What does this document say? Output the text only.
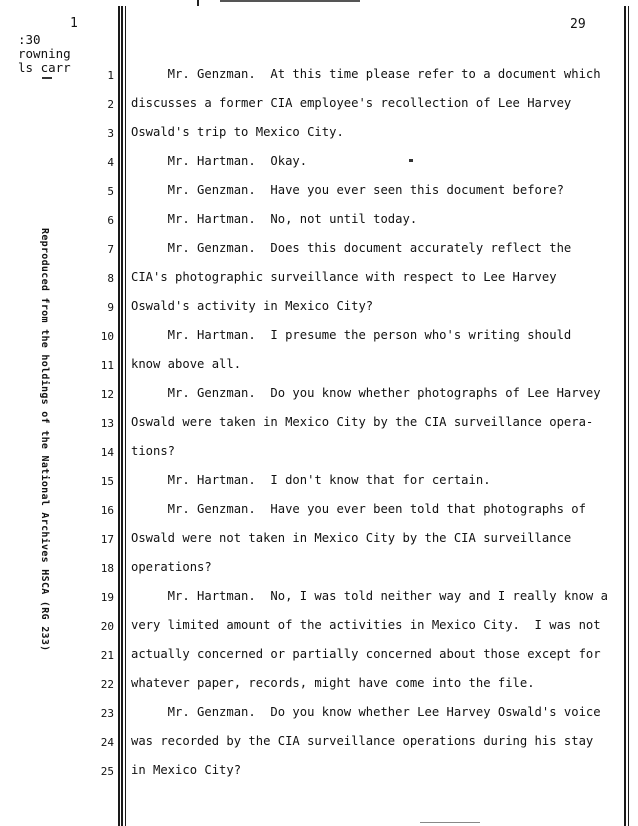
1	29
:30
rowning
ls carr
Reproduced from the holdings of the National Archives HSCA (RG 233)
1
2
3
4
5
6
7
8
9
10
11
12
13
14
15
16
17
18
19
20
21
22
23
24
25
Mr. Genzman.  At this time please refer to a document which
discusses a former CIA employee's recollection of Lee Harvey
Oswald's trip to Mexico City.
Mr. Hartman.  Okay.
Mr. Genzman.  Have you ever seen this document before?
Mr. Hartman.  No, not until today.
Mr. Genzman.  Does this document accurately reflect the
CIA's photographic surveillance with respect to Lee Harvey
Oswald's activity in Mexico City?
Mr. Hartman.  I presume the person who's writing should
know above all.
Mr. Genzman.  Do you know whether photographs of Lee Harvey
Oswald were taken in Mexico City by the CIA surveillance opera-
tions?
Mr. Hartman.  I don't know that for certain.
Mr. Genzman.  Have you ever been told that photographs of
Oswald were not taken in Mexico City by the CIA surveillance
operations?
Mr. Hartman.  No, I was told neither way and I really know a
very limited amount of the activities in Mexico City.  I was not
actually concerned or partially concerned about those except for
whatever paper, records, might have come into the file.
Mr. Genzman.  Do you know whether Lee Harvey Oswald's voice
was recorded by the CIA surveillance operations during his stay
in Mexico City?
